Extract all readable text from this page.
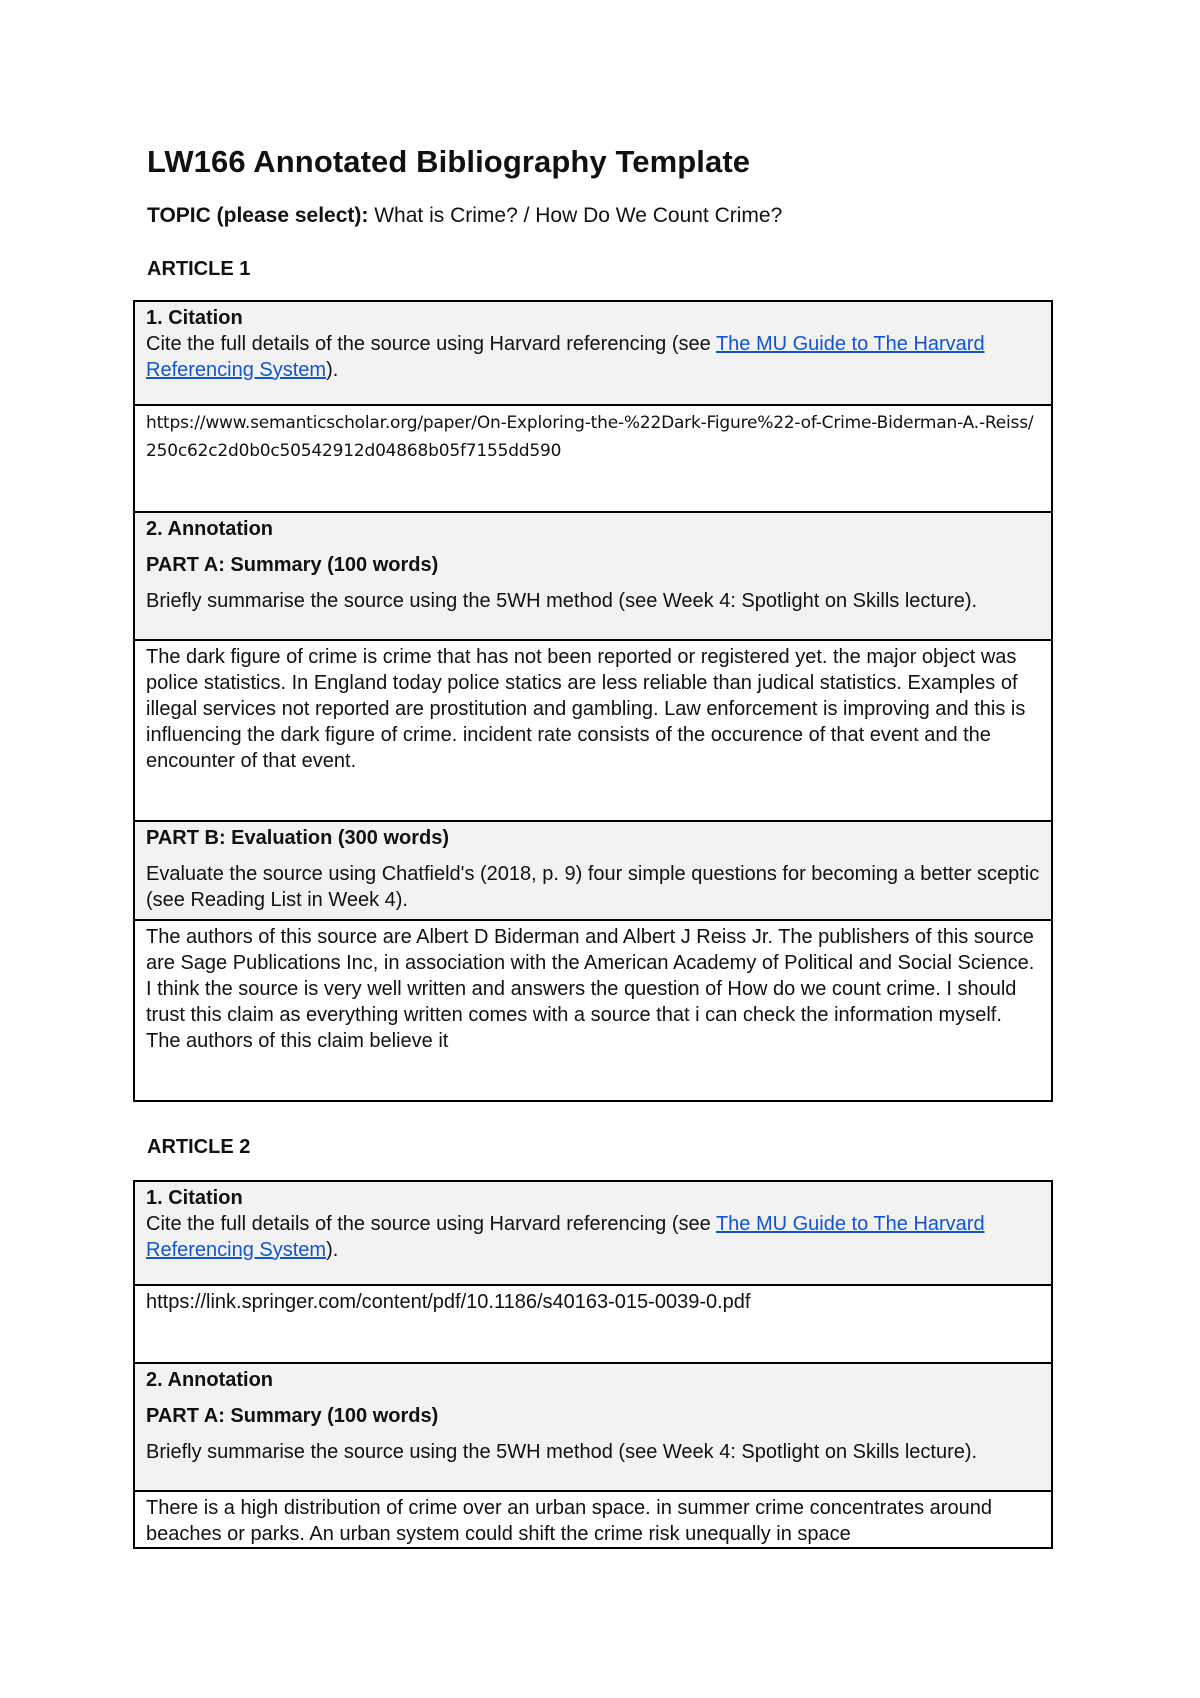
LW166 Annotated Bibliography Template
TOPIC (please select): What is Crime? / How Do We Count Crime?
ARTICLE 1
1. Citation
Cite the full details of the source using Harvard referencing (see The MU Guide to The Harvard Referencing System).
https://www.semanticscholar.org/paper/On-Exploring-the-%22Dark-Figure%22-of-Crime-Biderman-A.-Reiss/250c62c2d0b0c50542912d04868b05f7155dd590

2. Annotation
PART A: Summary (100 words)
Briefly summarise the source using the 5WH method (see Week 4: Spotlight on Skills lecture).
The dark figure of crime is crime that has not been reported or registered yet. the major object was police statistics. In England today police statics are less reliable than judical statistics. Examples of illegal services not reported are prostitution and gambling. Law enforcement is improving and this is influencing the dark figure of crime. incident rate consists of the occurence of that event and the encounter of that event.

PART B: Evaluation (300 words)
Evaluate the source using Chatfield's (2018, p. 9) four simple questions for becoming a better sceptic (see Reading List in Week 4).
The authors of this source are Albert D Biderman and Albert J Reiss Jr. The publishers of this source are Sage Publications Inc, in association with the American Academy of Political and Social Science. I think the source is very well written and answers the question of How do we count crime. I should trust this claim as everything written comes with a source that i can check the information myself. The authors of this claim believe it
ARTICLE 2
1. Citation
Cite the full details of the source using Harvard referencing (see The MU Guide to The Harvard Referencing System).
https://link.springer.com/content/pdf/10.1186/s40163-015-0039-0.pdf

2. Annotation
PART A: Summary (100 words)
Briefly summarise the source using the 5WH method (see Week 4: Spotlight on Skills lecture).
There is a high distribution of crime over an urban space. in summer crime concentrates around beaches or parks. An urban system could shift the crime risk unequally in space
